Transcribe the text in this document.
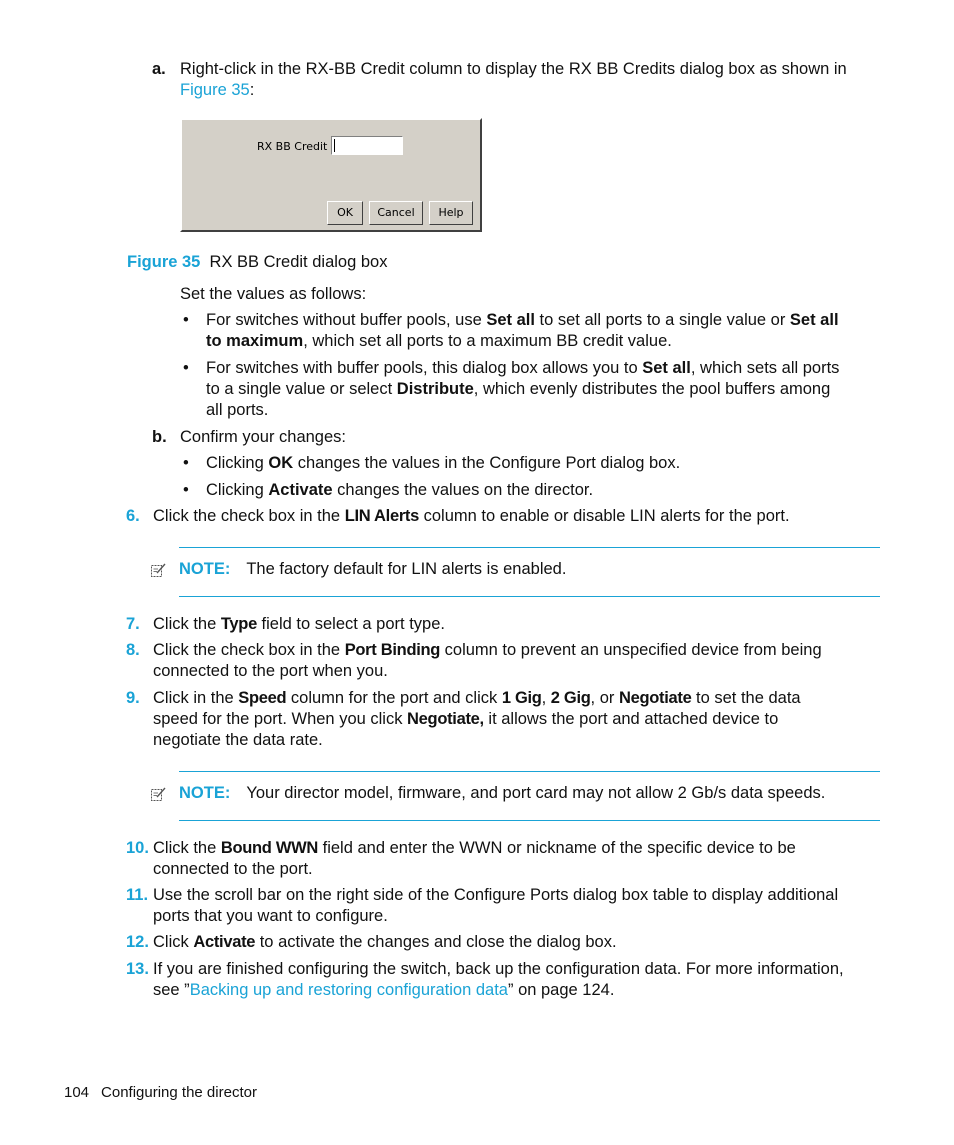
a. Right-click in the RX-BB Credit column to display the RX BB Credits dialog box as shown in
Figure 35:
RX BB Credit
OK	Cancel	Help
Figure 35 RX BB Credit dialog box
Set the values as follows:
• For switches without buffer pools, use Set all to set all ports to a single value or Set all
to maximum, which set all ports to a maximum BB credit value.
• For switches with buffer pools, this dialog box allows you to Set all, which sets all ports
to a single value or select Distribute, which evenly distributes the pool buffers among
all ports.
b. Confirm your changes:
• Clicking OK changes the values in the Configure Port dialog box.
• Clicking Activate changes the values on the director.
6. Click the check box in the LIN Alerts column to enable or disable LIN alerts for the port.
NOTE: The factory default for LIN alerts is enabled.
7. Click the Type field to select a port type.
8. Click the check box in the Port Binding column to prevent an unspecified device from being
connected to the port when you.
9. Click in the Speed column for the port and click 1 Gig, 2 Gig, or Negotiate to set the data
speed for the port. When you click Negotiate, it allows the port and attached device to
negotiate the data rate.
NOTE: Your director model, firmware, and port card may not allow 2 Gb/s data speeds.
10. Click the Bound WWN field and enter the WWN or nickname of the specific device to be
connected to the port.
11. Use the scroll bar on the right side of the Configure Ports dialog box table to display additional
ports that you want to configure.
12. Click Activate to activate the changes and close the dialog box.
13. If you are finished configuring the switch, back up the configuration data. For more information,
see ”Backing up and restoring configuration data” on page 124.
104 Configuring the director
